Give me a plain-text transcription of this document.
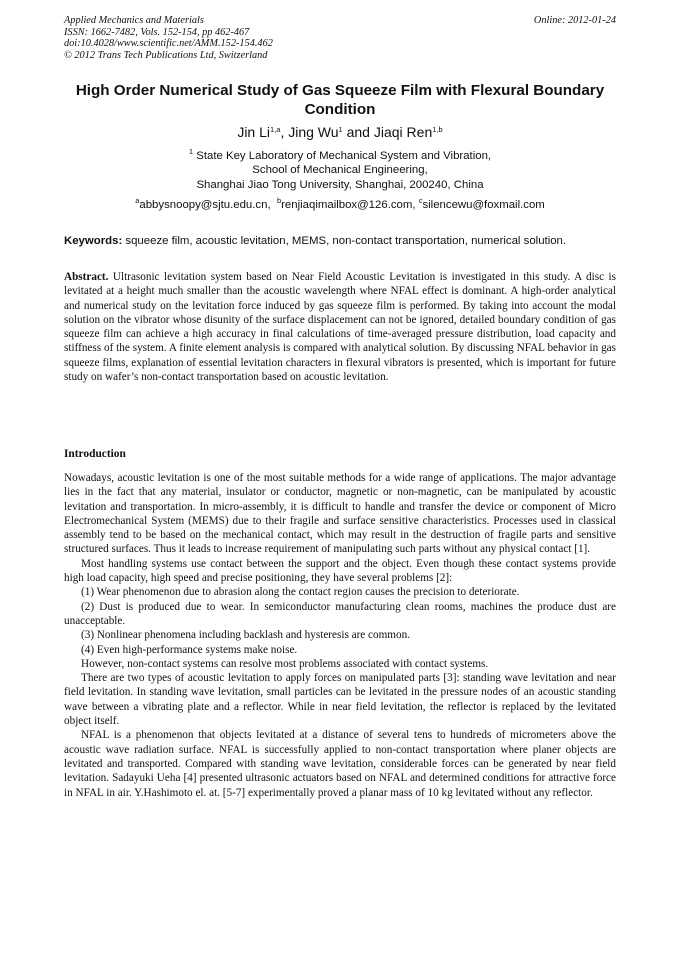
Applied Mechanics and Materials
ISSN: 1662-7482, Vols. 152-154, pp 462-467
doi:10.4028/www.scientific.net/AMM.152-154.462
© 2012 Trans Tech Publications Ltd, Switzerland
Online: 2012-01-24
High Order Numerical Study of Gas Squeeze Film with Flexural Boundary Condition
Jin Li$^{1,a}$, Jing Wu$^1$ and Jiaqi Ren$^{1,b}$
$^1$ State Key Laboratory of Mechanical System and Vibration,
School of Mechanical Engineering,
Shanghai Jiao Tong University, Shanghai, 200240, China
$^a$abbysnoopy@sjtu.edu.cn, $^b$renjiaqimailbox@126.com, $^c$silencewu@foxmail.com
Keywords: squeeze film, acoustic levitation, MEMS, non-contact transportation, numerical solution.

Abstract. Ultrasonic levitation system based on Near Field Acoustic Levitation is investigated in this study. A disc is levitated at a height much smaller than the acoustic wavelength where NFAL effect is dominant. A high-order analytical and numerical study on the levitation force induced by gas squeeze film is performed. By taking into account the modal solution on the vibrator whose disunity of the surface displacement can not be ignored, detailed boundary condition of gas squeeze film can achieve a high accuracy in final calculations of time-averaged pressure distribution, load capacity and stiffness of the system. A finite element analysis is compared with analytical solution. By discussing NFAL behavior in gas squeeze films, explanation of essential levitation characters in flexural vibrators is presented, which is important for future study on wafer’s non-contact transportation based on acoustic levitation.

Introduction

Nowadays, acoustic levitation is one of the most suitable methods for a wide range of applications. The major advantage lies in the fact that any material, insulator or conductor, magnetic or non-magnetic, can be manipulated by acoustic levitation and transportation. In micro-assembly, it is difficult to handle and transfer the device or component of Micro Electromechanical System (MEMS) due to their fragile and surface sensitive characteristics. Processes used in classical assembly tend to be based on the mechanical contact, which may result in the destruction of fragile parts and sensitive structured surfaces. Thus it leads to increase requirement of manipulating such parts without any physical contact [1].

Most handling systems use contact between the support and the object. Even though these contact systems provide high load capacity, high speed and precise positioning, they have several problems [2]:

(1) Wear phenomenon due to abrasion along the contact region causes the precision to deteriorate.

(2) Dust is produced due to wear. In semiconductor manufacturing clean rooms, machines the produce dust are unacceptable.

(3) Nonlinear phenomena including backlash and hysteresis are common.

(4) Even high-performance systems make noise.

However, non-contact systems can resolve most problems associated with contact systems.

There are two types of acoustic levitation to apply forces on manipulated parts [3]: standing wave levitation and near field levitation. In standing wave levitation, small particles can be levitated in the pressure nodes of an acoustic standing wave between a vibrating plate and a reflector. While in near field levitation, the reflector is replaced by the levitated object itself.

NFAL is a phenomenon that objects levitated at a distance of several tens to hundreds of micrometers above the acoustic wave radiation surface. NFAL is successfully applied to non-contact transportation where planer objects are levitated and transported. Compared with standing wave levitation, considerable forces can be generated by near field levitation. Sadayuki Ueha [4] presented ultrasonic actuators based on NFAL and determined conditions for attractive force in NFAL in air. Y.Hashimoto el. at. [5-7] experimentally proved a planar mass of 10 kg levitated without any reflector.
